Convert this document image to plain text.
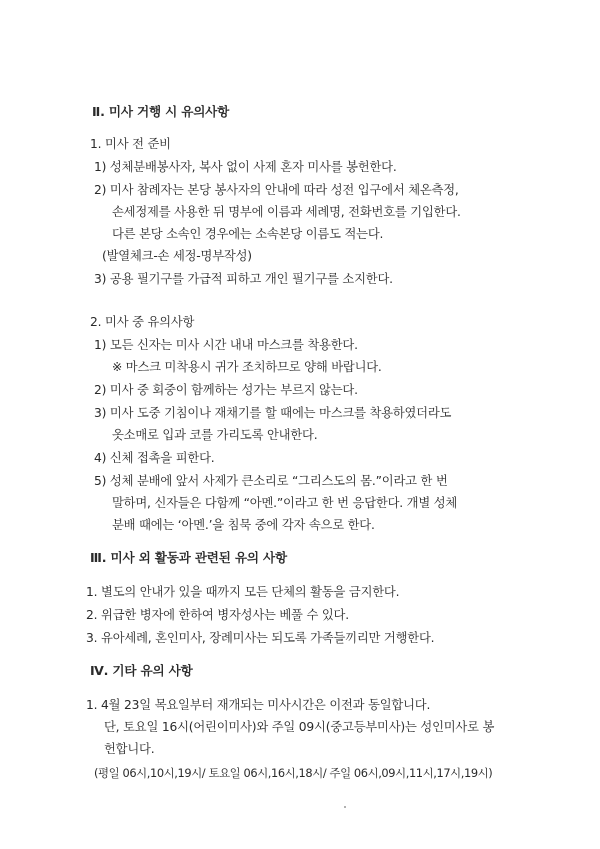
Ⅱ. 미사 거행 시 유의사항
1. 미사 전 준비
1) 성체분배봉사자, 복사 없이 사제 혼자 미사를 봉헌한다.
2) 미사 참례자는 본당 봉사자의 안내에 따라 성전 입구에서 체온측정,
손세정제를 사용한 뒤 명부에 이름과 세례명, 전화번호를 기입한다.
다른 본당 소속인 경우에는 소속본당 이름도 적는다.
(발열체크-손 세정-명부작성)
3) 공용 필기구를 가급적 피하고 개인 필기구를 소지한다.
2. 미사 중 유의사항
1) 모든 신자는 미사 시간 내내 마스크를 착용한다.
※ 마스크 미착용시 귀가 조치하므로 양해 바랍니다.
2) 미사 중 회중이 함께하는 성가는 부르지 않는다.
3) 미사 도중 기침이나 재채기를 할 때에는 마스크를 착용하였더라도
옷소매로 입과 코를 가리도록 안내한다.
4) 신체 접촉을 피한다.
5) 성체 분배에 앞서 사제가 큰소리로 “그리스도의 몸.”이라고 한 번
말하며, 신자들은 다함께 “아멘.”이라고 한 번 응답한다. 개별 성체
분배 때에는 ‘아멘.’을 침묵 중에 각자 속으로 한다.
Ⅲ. 미사 외 활동과 관련된 유의 사항
1. 별도의 안내가 있을 때까지 모든 단체의 활동을 금지한다.
2. 위급한 병자에 한하여 병자성사는 베풀 수 있다.
3. 유아세례, 혼인미사, 장례미사는 되도록 가족들끼리만 거행한다.
Ⅳ. 기타 유의 사항
1. 4월 23일 목요일부터 재개되는 미사시간은 이전과 동일합니다.
단, 토요일 16시(어린이미사)와 주일 09시(중고등부미사)는 성인미사로 봉
헌합니다.
(평일 06시,10시,19시/ 토요일 06시,16시,18시/ 주일 06시,09시,11시,17시,19시)
